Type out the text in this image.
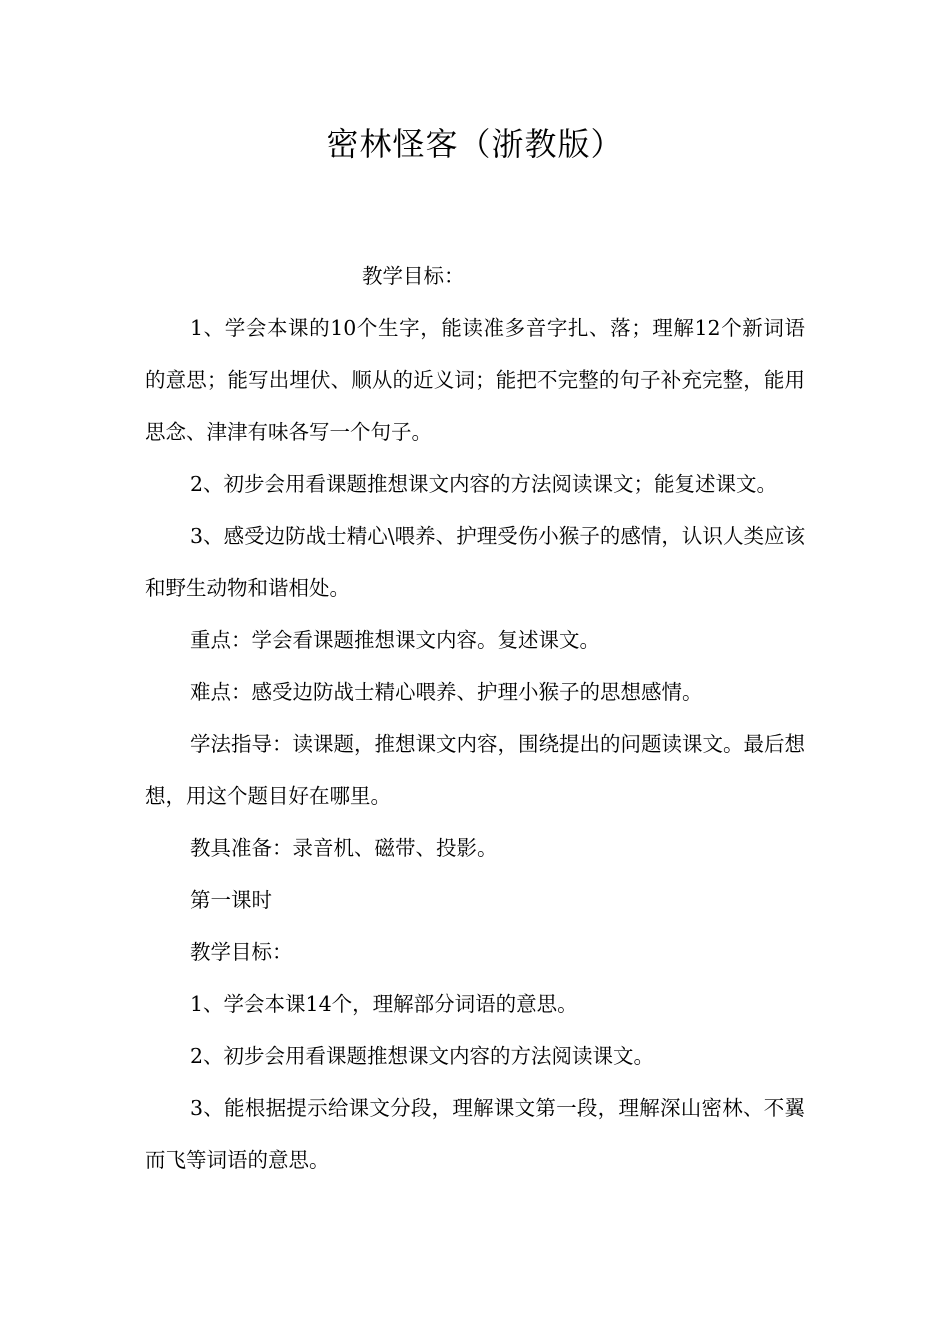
密林怪客（浙教版）

教学目标：

1、学会本课的10个生字，能读准多音字扎、落；理解12个新词语的意思；能写出埋伏、顺从的近义词；能把不完整的句子补充完整，能用思念、津津有味各写一个句子。

2、初步会用看课题推想课文内容的方法阅读课文；能复述课文。

3、感受边防战士精心\喂养、护理受伤小猴子的感情，认识人类应该和野生动物和谐相处。

重点：学会看课题推想课文内容。复述课文。

难点：感受边防战士精心喂养、护理小猴子的思想感情。

学法指导：读课题，推想课文内容，围绕提出的问题读课文。最后想想，用这个题目好在哪里。

教具准备：录音机、磁带、投影。

第一课时

教学目标：

1、学会本课14个，理解部分词语的意思。

2、初步会用看课题推想课文内容的方法阅读课文。

3、能根据提示给课文分段，理解课文第一段，理解深山密林、不翼而飞等词语的意思。
